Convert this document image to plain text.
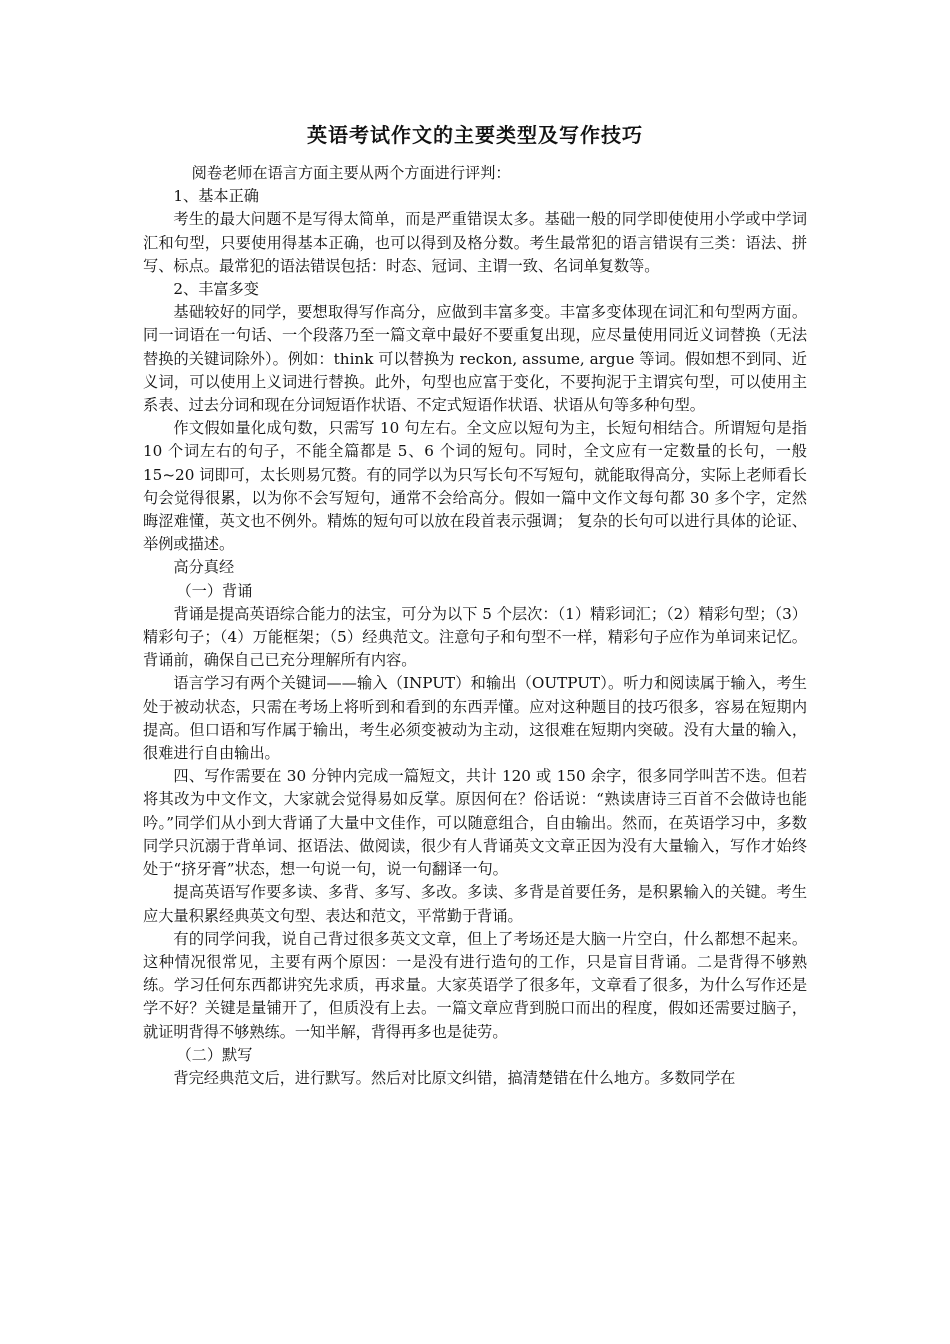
英语考试作文的主要类型及写作技巧
阅卷老师在语言方面主要从两个方面进行评判：
1、基本正确
考生的最大问题不是写得太简单，而是严重错误太多。基础一般的同学即使使用小学或中学词汇和句型，只要使用得基本正确，也可以得到及格分数。考生最常犯的语言错误有三类：语法、拼写、标点。最常犯的语法错误包括：时态、冠词、主谓一致、名词单复数等。
2、丰富多变
基础较好的同学，要想取得写作高分，应做到丰富多变。丰富多变体现在词汇和句型两方面。同一词语在一句话、一个段落乃至一篇文章中最好不要重复出现，应尽量使用同近义词替换（无法替换的关键词除外）。例如：think 可以替换为 reckon, assume, argue 等词。假如想不到同、近义词，可以使用上义词进行替换。此外，句型也应富于变化，不要拘泥于主谓宾句型，可以使用主系表、过去分词和现在分词短语作状语、不定式短语作状语、状语从句等多种句型。
作文假如量化成句数，只需写 10 句左右。全文应以短句为主，长短句相结合。所谓短句是指 10 个词左右的句子，不能全篇都是 5、6 个词的短句。同时，全文应有一定数量的长句，一般 15~20 词即可，太长则易冗赘。有的同学以为只写长句不写短句，就能取得高分，实际上老师看长句会觉得很累，以为你不会写短句，通常不会给高分。假如一篇中文作文每句都 30 多个字，定然晦涩难懂，英文也不例外。精炼的短句可以放在段首表示强调； 复杂的长句可以进行具体的论证、举例或描述。
高分真经
（一）背诵
背诵是提高英语综合能力的法宝，可分为以下 5 个层次：（1）精彩词汇；（2）精彩句型；（3）精彩句子；（4）万能框架；（5）经典范文。注意句子和句型不一样，精彩句子应作为单词来记忆。背诵前，确保自己已充分理解所有内容。
语言学习有两个关键词——输入（INPUT）和输出（OUTPUT）。听力和阅读属于输入，考生处于被动状态，只需在考场上将听到和看到的东西弄懂。应对这种题目的技巧很多，容易在短期内提高。但口语和写作属于输出，考生必须变被动为主动，这很难在短期内突破。没有大量的输入，很难进行自由输出。
四、写作需要在 30 分钟内完成一篇短文，共计 120 或 150 余字，很多同学叫苦不迭。但若将其改为中文作文，大家就会觉得易如反掌。原因何在？俗话说：“熟读唐诗三百首不会做诗也能吟。”同学们从小到大背诵了大量中文佳作，可以随意组合，自由输出。然而，在英语学习中，多数同学只沉溺于背单词、抠语法、做阅读，很少有人背诵英文文章正因为没有大量输入，写作才始终处于“挤牙膏”状态，想一句说一句，说一句翻译一句。
提高英语写作要多读、多背、多写、多改。多读、多背是首要任务，是积累输入的关键。考生应大量积累经典英文句型、表达和范文，平常勤于背诵。
有的同学问我，说自己背过很多英文文章，但上了考场还是大脑一片空白，什么都想不起来。这种情况很常见，主要有两个原因：一是没有进行造句的工作，只是盲目背诵。二是背得不够熟练。学习任何东西都讲究先求质，再求量。大家英语学了很多年，文章看了很多，为什么写作还是学不好？关键是量铺开了，但质没有上去。一篇文章应背到脱口而出的程度，假如还需要过脑子，就证明背得不够熟练。一知半解，背得再多也是徒劳。
（二）默写
背完经典范文后，进行默写。然后对比原文纠错，搞清楚错在什么地方。多数同学在
